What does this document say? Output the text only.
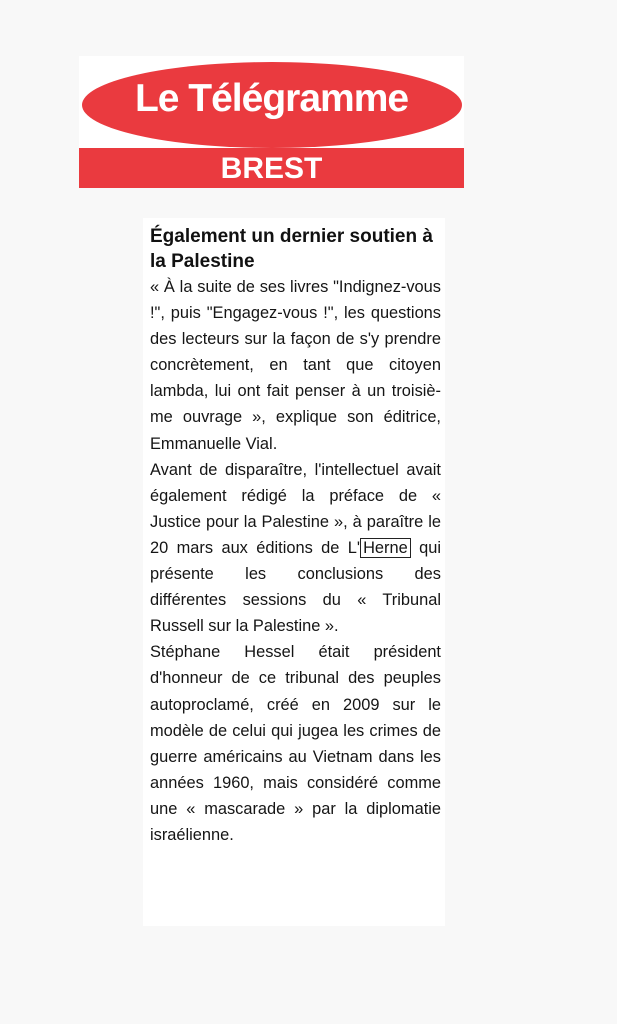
Le Télégramme
BREST
Également un dernier soutien à la Palestine

« À la suite de ses livres "Indignez-vous !", puis "Engagez-vous !", les questions des lecteurs sur la façon de s'y prendre concrètement, en tant que citoyen lambda, lui ont fait penser à un troisième ouvrage », explique son éditrice, Emmanuelle Vial.

Avant de disparaître, l'intellectuel avait également rédigé la préface de « Justice pour la Palestine », à paraître le 20 mars aux éditions de L' Herne qui présente les conclusions des différentes sessions du « Tribunal Russell sur la Palestine ».

Stéphane Hessel était président d'honneur de ce tribunal des peuples autoproclamé, créé en 2009 sur le modèle de celui qui jugea les crimes de guerre américains au Vietnam dans les années 1960, mais considéré comme une « mascarade » par la diplomatie israélienne.
